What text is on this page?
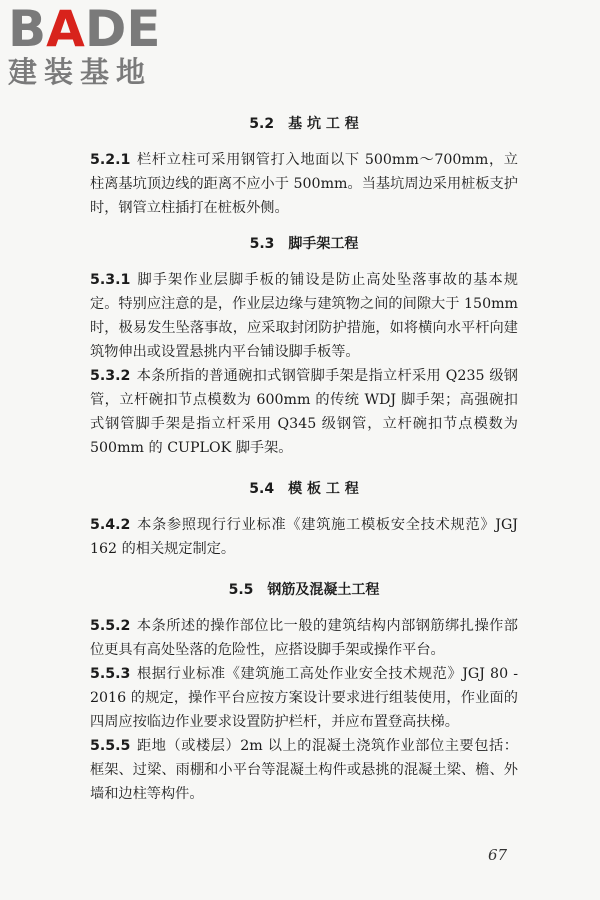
BADE
建装基地
5.2　基 坑 工 程

5.2.1 栏杆立柱可采用钢管打入地面以下 500mm～700mm，立柱离基坑顶边线的距离不应小于 500mm。当基坑周边采用桩板支护时，钢管立柱插打在桩板外侧。

5.3　脚手架工程

5.3.1 脚手架作业层脚手板的铺设是防止高处坠落事故的基本规定。特别应注意的是，作业层边缘与建筑物之间的间隙大于 150mm 时，极易发生坠落事故，应采取封闭防护措施，如将横向水平杆向建筑物伸出或设置悬挑内平台铺设脚手板等。

5.3.2 本条所指的普通碗扣式钢管脚手架是指立杆采用 Q235 级钢管，立杆碗扣节点模数为 600mm 的传统 WDJ 脚手架；高强碗扣式钢管脚手架是指立杆采用 Q345 级钢管，立杆碗扣节点模数为 500mm 的 CUPLOK 脚手架。

5.4　模 板 工 程

5.4.2 本条参照现行行业标准《建筑施工模板安全技术规范》JGJ 162 的相关规定制定。

5.5　钢筋及混凝土工程

5.5.2 本条所述的操作部位比一般的建筑结构内部钢筋绑扎操作部位更具有高处坠落的危险性，应搭设脚手架或操作平台。

5.5.3 根据行业标准《建筑施工高处作业安全技术规范》JGJ 80 - 2016 的规定，操作平台应按方案设计要求进行组装使用，作业面的四周应按临边作业要求设置防护栏杆，并应布置登高扶梯。

5.5.5 距地（或楼层）2m 以上的混凝土浇筑作业部位主要包括：框架、过梁、雨棚和小平台等混凝土构件或悬挑的混凝土梁、檐、外墙和边柱等构件。

67
